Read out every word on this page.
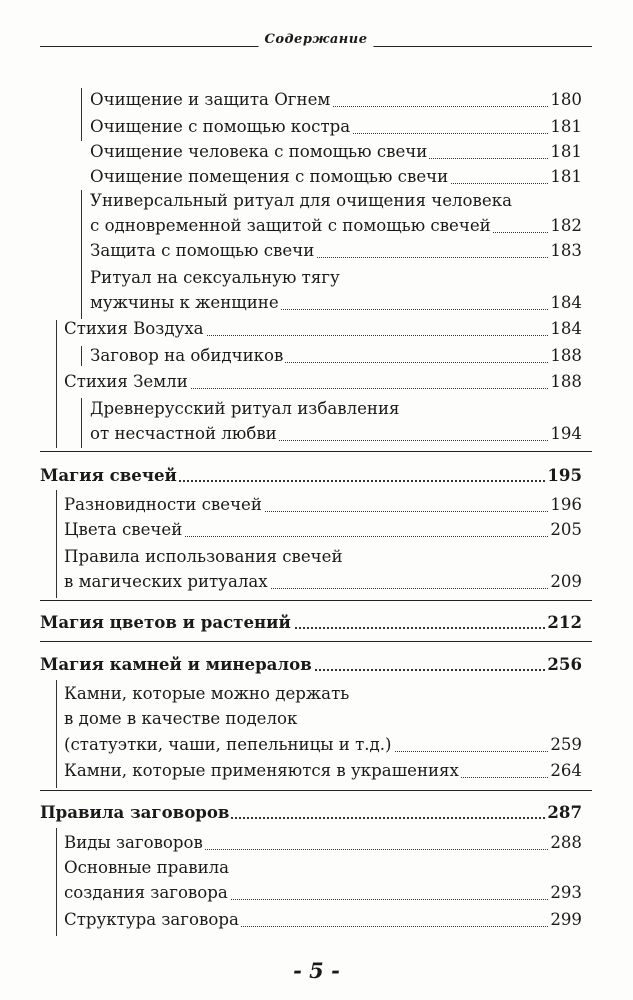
Содержание
Очищение и защита Огнем	180
Очищение с помощью костра	181
Очищение человека с помощью свечи	181
Очищение помещения с помощью свечи	181
Универсальный ритуал для очищения человека
с одновременной защитой с помощью свечей	182
Защита с помощью свечи	183
Ритуал на сексуальную тягу
мужчины к женщине	184
Стихия Воздуха	184
Заговор на обидчиков	188
Стихия Земли	188
Древнерусский ритуал избавления
от несчастной любви	194
Магия свечей	195
Разновидности свечей	196
Цвета свечей	205
Правила использования свечей
в магических ритуалах	209
Магия цветов и растений	212
Магия камней и минералов	256
Камни, которые можно держать
в доме в качестве поделок
(статуэтки, чаши, пепельницы и т.д.)	259
Камни, которые применяются в украшениях	264
Правила заговоров	287
Виды заговоров	288
Основные правила
создания заговора	293
Структура заговора	299
- 5 -
